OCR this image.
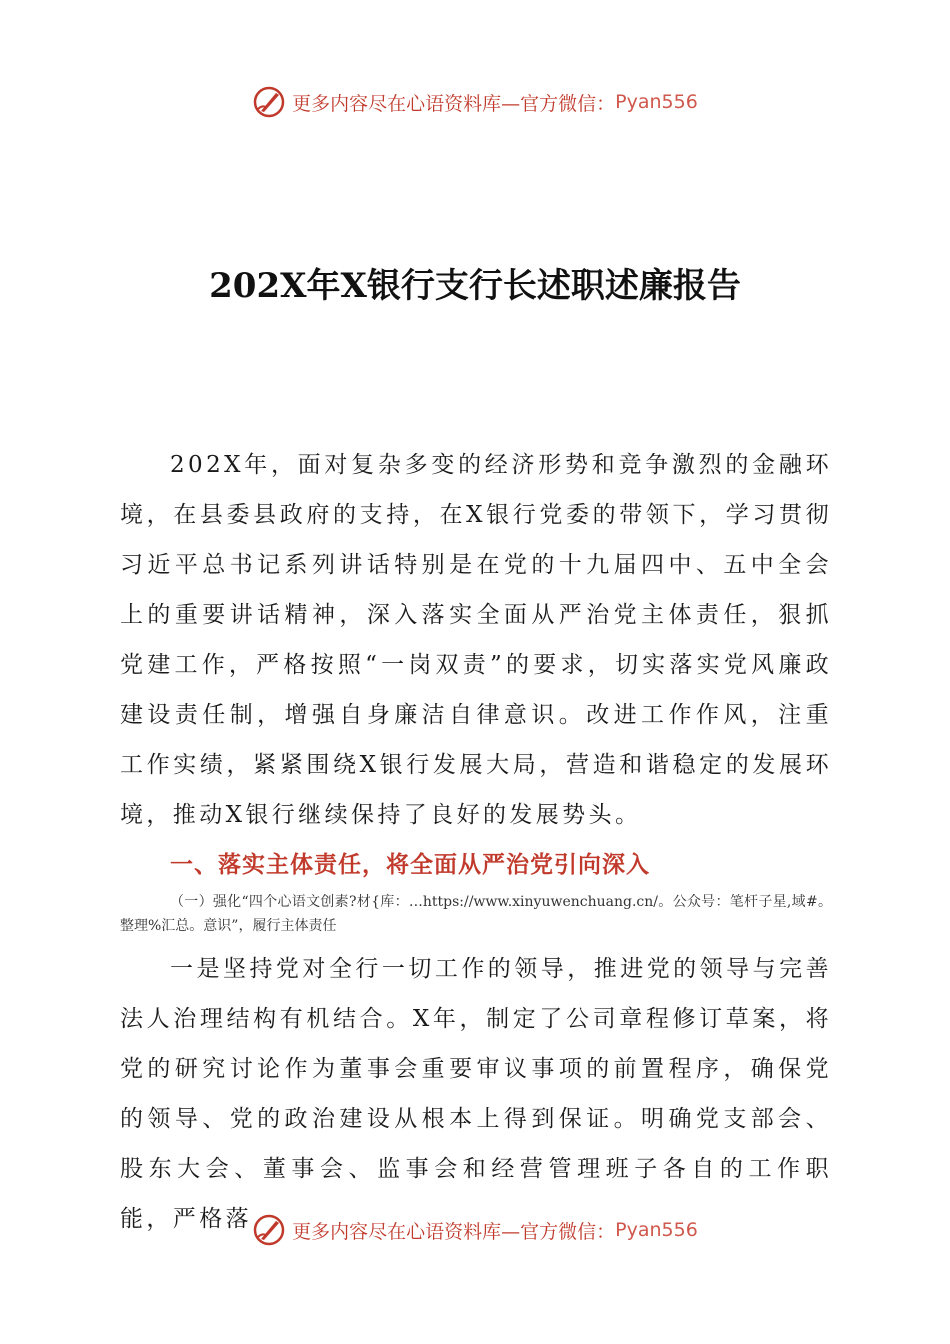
更多内容尽在心语资料库—官方微信： Pyan556
202X年X银行支行长述职述廉报告

202X年，面对复杂多变的经济形势和竞争激烈的金融环境，在县委县政府的支持，在X银行党委的带领下，学习贯彻习近平总书记系列讲话特别是在党的十九届四中、五中全会上的重要讲话精神，深入落实全面从严治党主体责任，狠抓党建工作，严格按照“一岗双责”的要求，切实落实党风廉政建设责任制，增强自身廉洁自律意识。改进工作作风，注重工作实绩，紧紧围绕X银行发展大局，营造和谐稳定的发展环境，推动X银行继续保持了良好的发展势头。

一、落实主体责任，将全面从严治党引向深入

（一）强化“四个心语文创素?材{库：…https://www.xinyuwenchuang.cn/。公众号：笔杆子星,域#。整理%汇总。意识”，履行主体责任

一是坚持党对全行一切工作的领导，推进党的领导与完善法人治理结构有机结合。X年，制定了公司章程修订草案，将党的研究讨论作为董事会重要审议事项的前置程序，确保党的领导、党的政治建设从根本上得到保证。明确党支部会、股东大会、董事会、监事会和经营管理班子各自的工作职能，严格落	更多内容尽在心语资料库—官方微信： Pyan556
